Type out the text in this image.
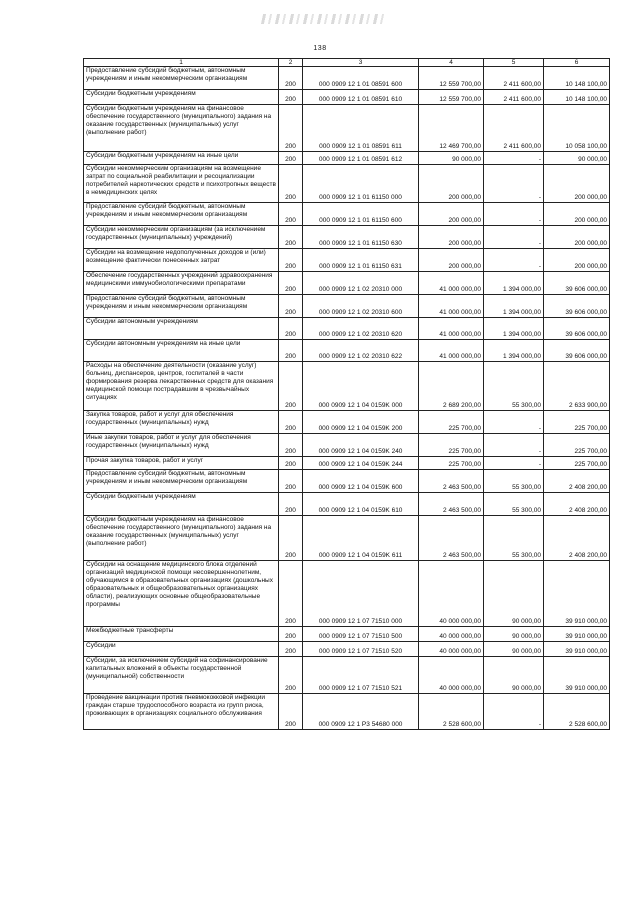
138
1	2	3	4	5	6
Предоставление субсидий бюджетным, автономным учреждениям и иным некоммерческим организациям	200	000 0909 12 1 01 08591 600	12 559 700,00	2 411 600,00	10 148 100,00
Субсидии бюджетным учреждениям	200	000 0909 12 1 01 08591 610	12 559 700,00	2 411 600,00	10 148 100,00
Субсидии бюджетным учреждениям на финансовое обеспечение государственного (муниципального) задания на оказание государственных (муниципальных) услуг (выполнение работ)	200	000 0909 12 1 01 08591 611	12 469 700,00	2 411 600,00	10 058 100,00
Субсидии бюджетным учреждениям на иные цели	200	000 0909 12 1 01 08591 612	90 000,00	-	90 000,00
Субсидии некоммерческим организациям на возмещение затрат по социальной реабилитации и ресоциализации потребителей наркотических средств и психотропных веществ в немедицинских целях	200	000 0909 12 1 01 61150 000	200 000,00	-	200 000,00
Предоставление субсидий бюджетным, автономным учреждениям и иным некоммерческим организациям	200	000 0909 12 1 01 61150 600	200 000,00	-	200 000,00
Субсидии некоммерческим организациям (за исключением государственных (муниципальных) учреждений)	200	000 0909 12 1 01 61150 630	200 000,00	-	200 000,00
Субсидии на возмещение недополученных доходов и (или) возмещение фактически понесенных затрат	200	000 0909 12 1 01 61150 631	200 000,00	-	200 000,00
Обеспечение государственных учреждений здравоохранения медицинскими иммунобиологическими препаратами	200	000 0909 12 1 02 20310 000	41 000 000,00	1 394 000,00	39 606 000,00
Предоставление субсидий бюджетным, автономным учреждениям и иным некоммерческим организациям	200	000 0909 12 1 02 20310 600	41 000 000,00	1 394 000,00	39 606 000,00
Субсидии автономным учреждениям	200	000 0909 12 1 02 20310 620	41 000 000,00	1 394 000,00	39 606 000,00
Субсидии автономным учреждениям на иные цели	200	000 0909 12 1 02 20310 622	41 000 000,00	1 394 000,00	39 606 000,00
Расходы на обеспечение деятельности (оказание услуг) больниц, диспансеров, центров, госпиталей в части формирования резерва лекарственных средств для оказания медицинской помощи пострадавшим в чрезвычайных ситуациях	200	000 0909 12 1 04 0159K 000	2 689 200,00	55 300,00	2 633 900,00
Закупка товаров, работ и услуг для обеспечения государственных (муниципальных) нужд	200	000 0909 12 1 04 0159K 200	225 700,00	-	225 700,00
Иные закупки товаров, работ и услуг для обеспечения государственных (муниципальных) нужд	200	000 0909 12 1 04 0159K 240	225 700,00	-	225 700,00
Прочая закупка товаров, работ и услуг	200	000 0909 12 1 04 0159K 244	225 700,00	-	225 700,00
Предоставление субсидий бюджетным, автономным учреждениям и иным некоммерческим организациям	200	000 0909 12 1 04 0159K 600	2 463 500,00	55 300,00	2 408 200,00
Субсидии бюджетным учреждениям	200	000 0909 12 1 04 0159K 610	2 463 500,00	55 300,00	2 408 200,00
Субсидии бюджетным учреждениям на финансовое обеспечение государственного (муниципального) задания на оказание государственных (муниципальных) услуг (выполнение работ)	200	000 0909 12 1 04 0159K 611	2 463 500,00	55 300,00	2 408 200,00
Субсидии на оснащение медицинского блока отделений организаций медицинской помощи несовершеннолетним, обучающимся в образовательных организациях (дошкольных образовательных и общеобразовательных организациях области), реализующих основные общеобразовательные программы	200	000 0909 12 1 07 71510 000	40 000 000,00	90 000,00	39 910 000,00
Межбюджетные трансферты	200	000 0909 12 1 07 71510 500	40 000 000,00	90 000,00	39 910 000,00
Субсидии	200	000 0909 12 1 07 71510 520	40 000 000,00	90 000,00	39 910 000,00
Субсидии, за исключением субсидий на софинансирование капитальных вложений в объекты государственной (муниципальной) собственности	200	000 0909 12 1 07 71510 521	40 000 000,00	90 000,00	39 910 000,00
Проведение вакцинации против пневмококковой инфекции граждан старше трудоспособного возраста из групп риска, проживающих в организациях социального обслуживания	200	000 0909 12 1 P3 54680 000	2 528 600,00	-	2 528 600,00
